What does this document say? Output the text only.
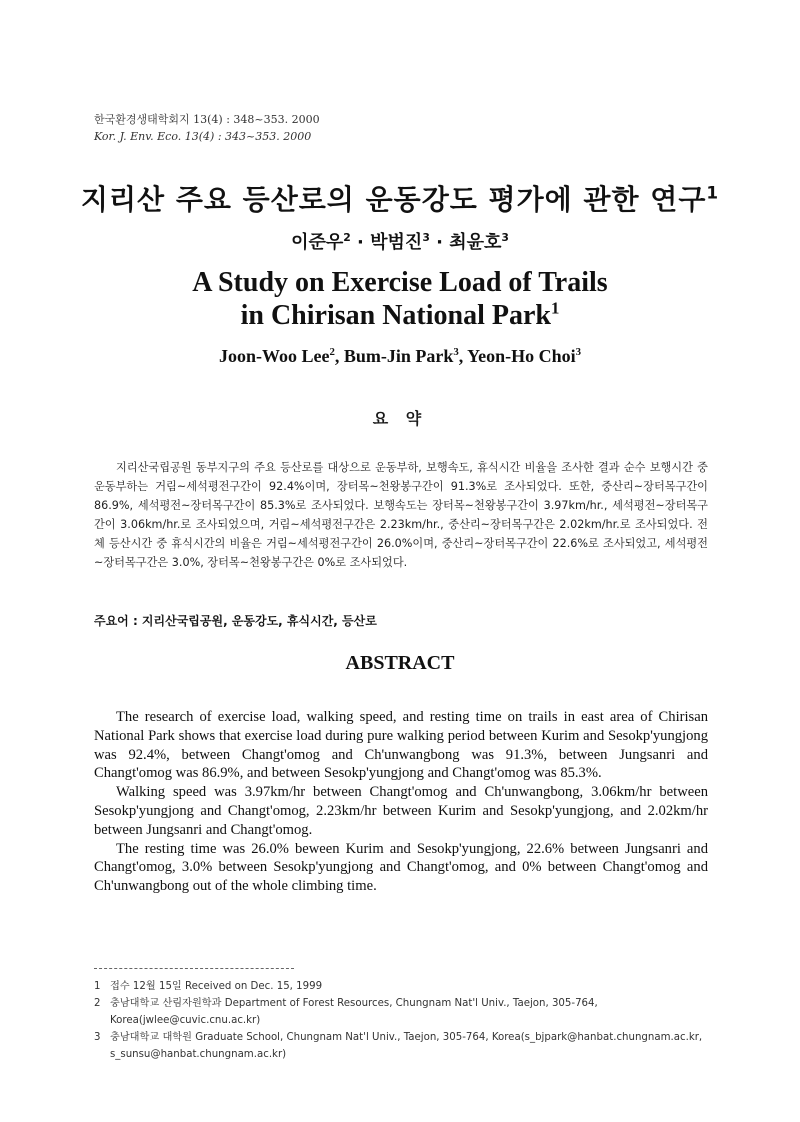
한국환경생태학회지 13(4) : 348~353. 2000
Kor. J. Env. Eco. 13(4) : 343~353. 2000
지리산 주요 등산로의 운동강도 평가에 관한 연구$^1$
이준우$^2$ · 박범진$^3$ · 최윤호$^3$
A Study on Exercise Load of Trails
in Chirisan National Park$^1$
Joon-Woo Lee$^2$, Bum-Jin Park$^3$, Yeon-Ho Choi$^3$
요 약

지리산국립공원 동부지구의 주요 등산로를 대상으로 운동부하, 보행속도, 휴식시간 비율을 조사한 결과 순수 보행시간 중 운동부하는 거림~세석평전구간이 92.4%이며, 장터목~천왕봉구간이 91.3%로 조사되었다. 또한, 중산리~장터목구간이 86.9%, 세석평전~장터목구간이 85.3%로 조사되었다. 보행속도는 장터목~천왕봉구간이 3.97km/hr., 세석평전~장터목구간이 3.06km/hr.로 조사되었으며, 거림~세석평전구간은 2.23km/hr., 중산리~장터목구간은 2.02km/hr.로 조사되었다. 전체 등산시간 중 휴식시간의 비율은 거림~세석평전구간이 26.0%이며, 중산리~장터목구간이 22.6%로 조사되었고, 세석평전~장터목구간은 3.0%, 장터목~천왕봉구간은 0%로 조사되었다.

주요어 : 지리산국립공원, 운동강도, 휴식시간, 등산로
ABSTRACT

The research of exercise load, walking speed, and resting time on trails in east area of Chirisan National Park shows that exercise load during pure walking period between Kurim and Sesokp'yungjong was 92.4%, between Changt'omog and Ch'unwangbong was 91.3%, between Jungsanri and Changt'omog was 86.9%, and between Sesokp'yungjong and Changt'omog was 85.3%.

Walking speed was 3.97km/hr between Changt'omog and Ch'unwangbong, 3.06km/hr between Sesokp'yungjong and Changt'omog, 2.23km/hr between Kurim and Sesokp'yungjong, and 2.02km/hr between Jungsanri and Changt'omog.

The resting time was 26.0% beween Kurim and Sesokp'yungjong, 22.6% between Jungsanri and Changt'omog, 3.0% between Sesokp'yungjong and Changt'omog, and 0% between Changt'omog and Ch'unwangbong out of the whole climbing time.

1 접수 12월 15일 Received on Dec. 15, 1999
2 충남대학교 산림자원학과 Department of Forest Resources, Chungnam Nat'l Univ., Taejon, 305-764, Korea(jwlee@cuvic.cnu.ac.kr)
3 충남대학교 대학원 Graduate School, Chungnam Nat'l Univ., Taejon, 305-764, Korea(s_bjpark@hanbat.chungnam.ac.kr, s_sunsu@hanbat.chungnam.ac.kr)
